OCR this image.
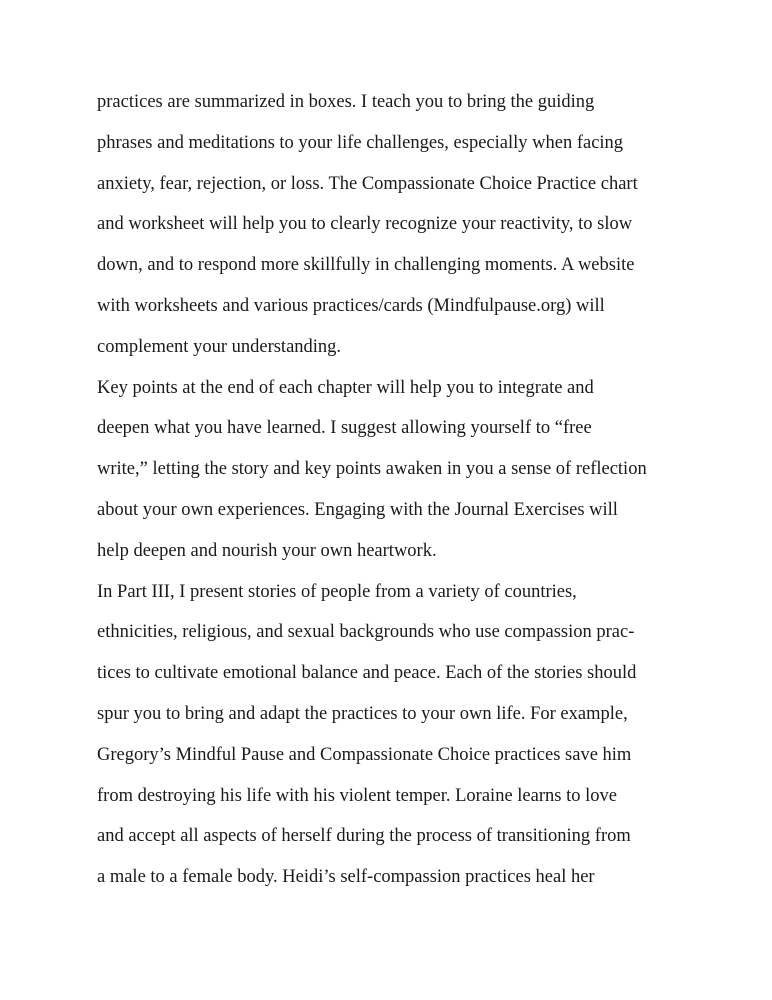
practices are summarized in boxes. I teach you to bring the guiding
phrases and meditations to your life challenges, especially when facing
anxiety, fear, rejection, or loss. The Compassionate Choice Practice chart
and worksheet will help you to clearly recognize your reactivity, to slow
down, and to respond more skillfully in challenging moments. A website
with worksheets and various practices/cards (Mindfulpause.org) will
complement your understanding.
Key points at the end of each chapter will help you to integrate and
deepen what you have learned. I suggest allowing yourself to “free
write,” letting the story and key points awaken in you a sense of reflection
about your own experiences. Engaging with the Journal Exercises will
help deepen and nourish your own heartwork.
In Part III, I present stories of people from a variety of countries,
ethnicities, religious, and sexual backgrounds who use compassion prac-
tices to cultivate emotional balance and peace. Each of the stories should
spur you to bring and adapt the practices to your own life. For example,
Gregory’s Mindful Pause and Compassionate Choice practices save him
from destroying his life with his violent temper. Loraine learns to love
and accept all aspects of herself during the process of transitioning from
a male to a female body. Heidi’s self-compassion practices heal her
